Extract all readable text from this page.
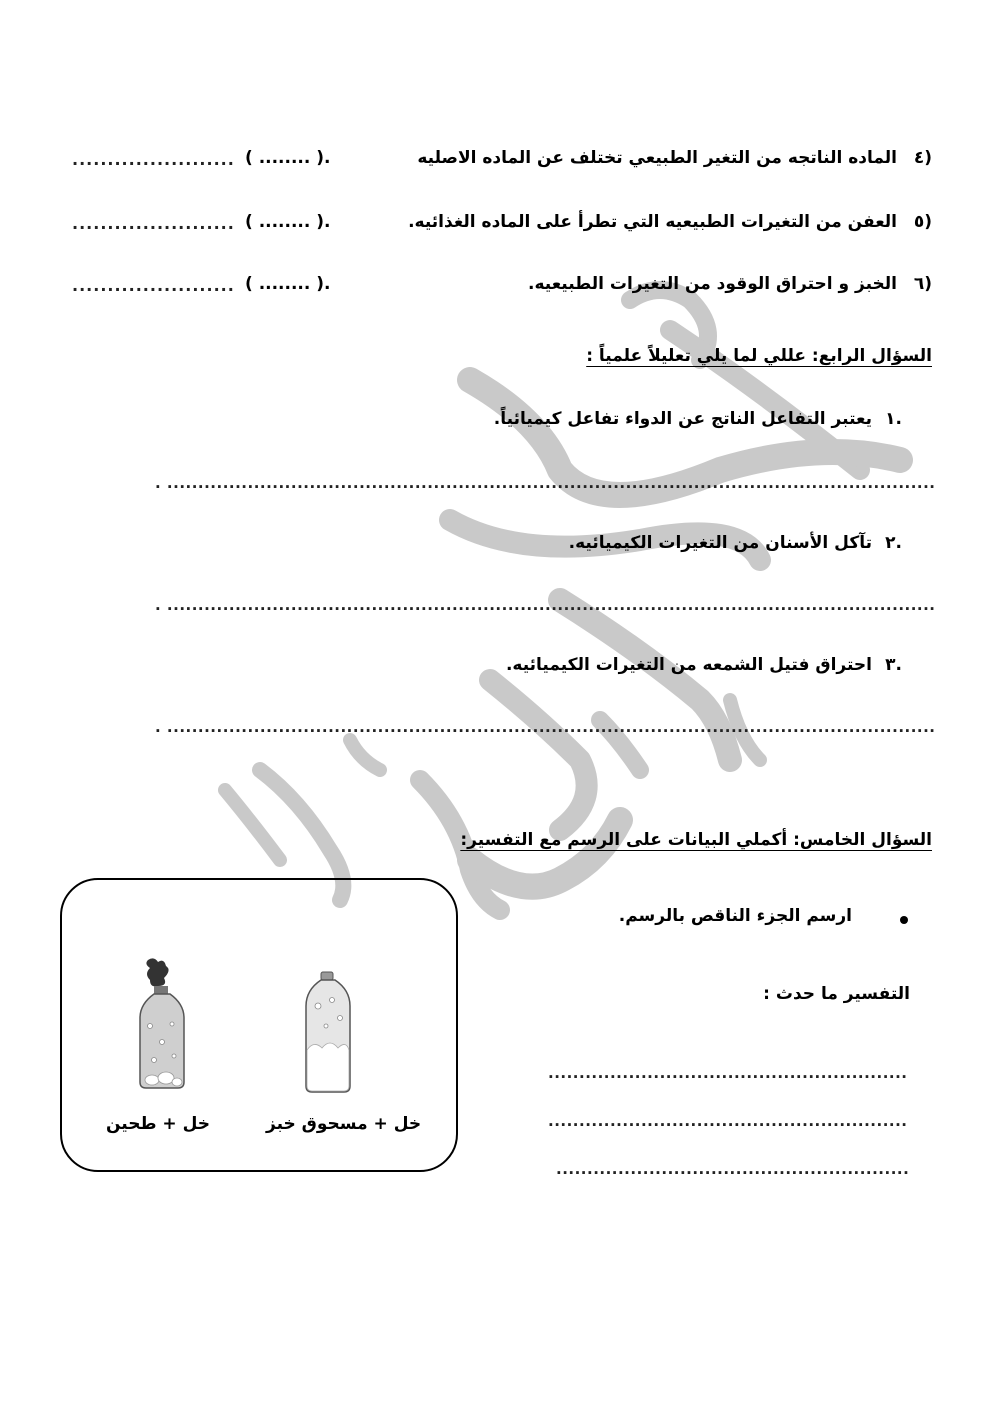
٤)
الماده الناتجه من التغير الطبيعي تختلف عن الماده الاصليه
( ........ ).
.......................
٥)
العفن من التغيرات الطبيعيه التي تطرأ على الماده الغذائيه.
( ........ ).
.......................
٦)
الخبز و احتراق الوقود من التغيرات الطبيعيه.
( ........ ).
.......................
السؤال الرابع: عللي لما يلي تعليلاً علمياً :
١.
يعتبر التفاعل الناتج عن الدواء تفاعل كيميائياً.
. ............................................................................................................................
٢.
تآكل الأسنان من التغيرات الكيميائيه.
. ............................................................................................................................
٣.
احتراق فتيل الشمعه من التغيرات الكيميائيه.
. ............................................................................................................................
السؤال الخامس: أكملي البيانات على الرسم مع التفسير:
ارسم الجزء الناقص بالرسم.
التفسير ما حدث :
..........................................................
..........................................................
.........................................................
خل + طحين	خل + مسحوق خبز
